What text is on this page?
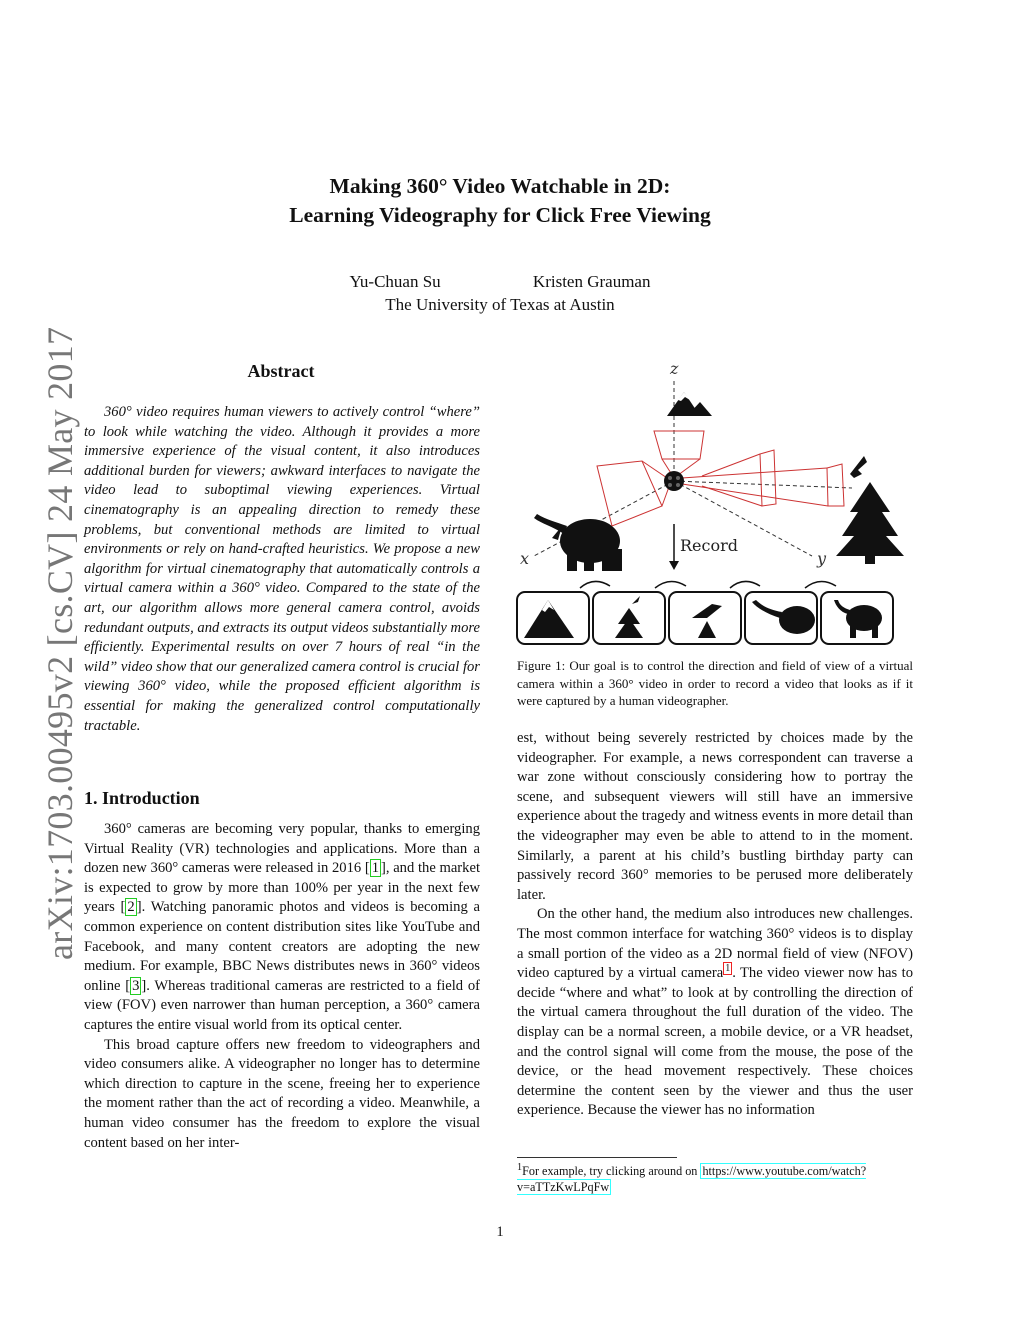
Making 360° Video Watchable in 2D:
Learning Videography for Click Free Viewing
Yu-Chuan Su	Kristen Grauman
The University of Texas at Austin
arXiv:1703.00495v2 [cs.CV] 24 May 2017	Abstract
360° video requires human viewers to actively control “where” to look while watching the video. Although it provides a more immersive experience of the visual content, it also introduces additional burden for viewers; awkward interfaces to navigate the video lead to suboptimal viewing experiences. Virtual cinematography is an appealing direction to remedy these problems, but conventional methods are limited to virtual environments or rely on hand-crafted heuristics. We propose a new algorithm for virtual cinematography that automatically controls a virtual camera within a 360° video. Compared to the state of the art, our algorithm allows more general camera control, avoids redundant outputs, and extracts its output videos substantially more efficiently. Experimental results on over 7 hours of real “in the wild” video show that our generalized camera control is crucial for viewing 360° video, while the proposed efficient algorithm is essential for making the generalized control computationally tractable.
1. Introduction

360° cameras are becoming very popular, thanks to emerging Virtual Reality (VR) technologies and applications. More than a dozen new 360° cameras were released in 2016 [ 1 ], and the market is expected to grow by more than 100% per year in the next few years [ 2 ]. Watching panoramic photos and videos is becoming a common experience on content distribution sites like YouTube and Facebook, and many content creators are adopting the new medium. For example, BBC News distributes news in 360° videos online [ 3 ]. Whereas traditional cameras are restricted to a field of view (FOV) even narrower than human perception, a 360° camera captures the entire visual world from its optical center.

This broad capture offers new freedom to videographers and video consumers alike. A videographer no longer has to determine which direction to capture in the scene, freeing her to experience the moment rather than the act of recording a video. Meanwhile, a human video consumer has the freedom to explore the visual content based on her inter-

z
x	y
Record
Figure 1: Our goal is to control the direction and field of view of a virtual camera within a 360° video in order to record a video that looks as if it were captured by a human videographer.

est, without being severely restricted by choices made by the videographer. For example, a news correspondent can traverse a war zone without consciously considering how to portray the scene, and subsequent viewers will still have an immersive experience about the tragedy and witness events in more detail than the videographer may even be able to attend to in the moment. Similarly, a parent at his child’s bustling birthday party can passively record 360° memories to be perused more deliberately later.

On the other hand, the medium also introduces new challenges. The most common interface for watching 360° videos is to display a small portion of the video as a 2D normal field of view (NFOV) video captured by a virtual camera $^1$ . The video viewer now has to decide “where and what” to look at by controlling the direction of the virtual camera throughout the full duration of the video. The display can be a normal screen, a mobile device, or a VR headset, and the control signal will come from the mouse, the pose of the device, or the head movement respectively. These choices determine the content seen by the viewer and thus the user experience. Because the viewer has no information

$^1$For example, try clicking around on https://www.youtube.com/watch?v=aTTzKwLPqFw
1
